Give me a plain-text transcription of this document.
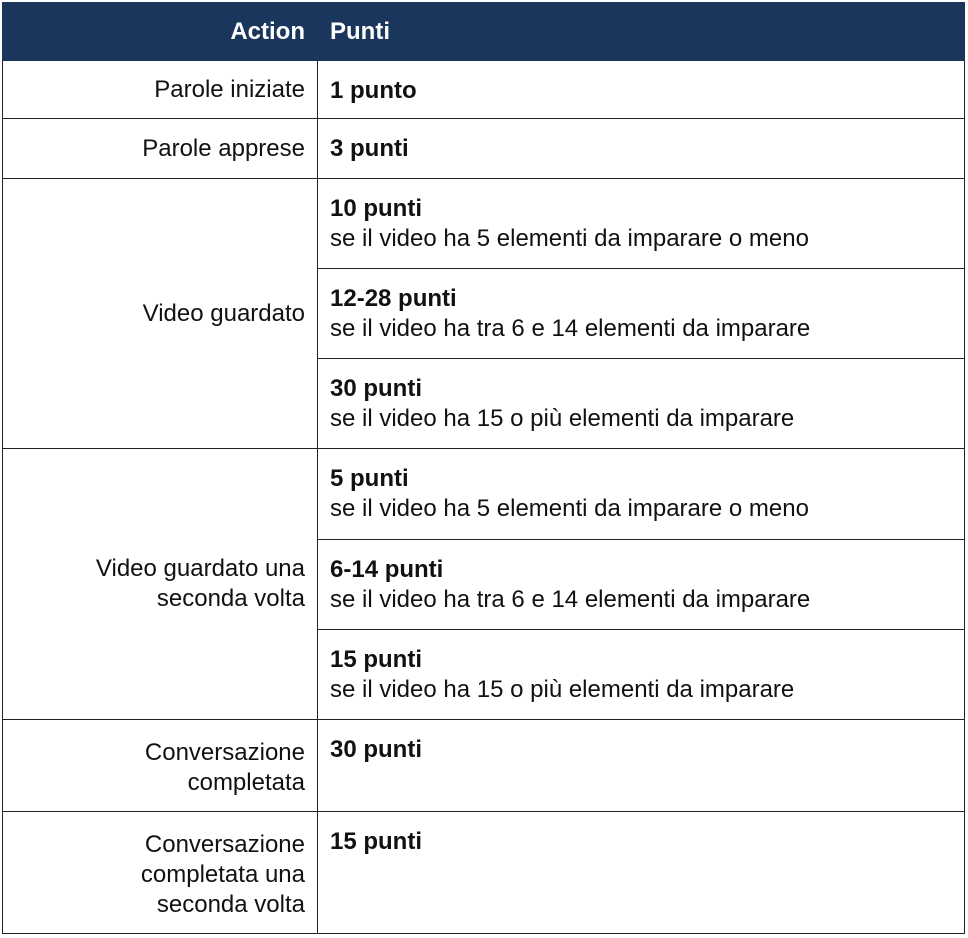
Action	Punti
Parole iniziate	1 punto

Parole apprese	3 punti

Video guardato	10 punti
se il video ha 5 elementi da imparare o meno

	12-28 punti
se il video ha tra 6 e 14 elementi da imparare

	30 punti
se il video ha 15 o più elementi da imparare

Video guardato una seconda volta	5 punti
se il video ha 5 elementi da imparare o meno

	6-14 punti
se il video ha tra 6 e 14 elementi da imparare

	15 punti
se il video ha 15 o più elementi da imparare

Conversazione completata	30 punti

Conversazione completata una seconda volta	15 punti
